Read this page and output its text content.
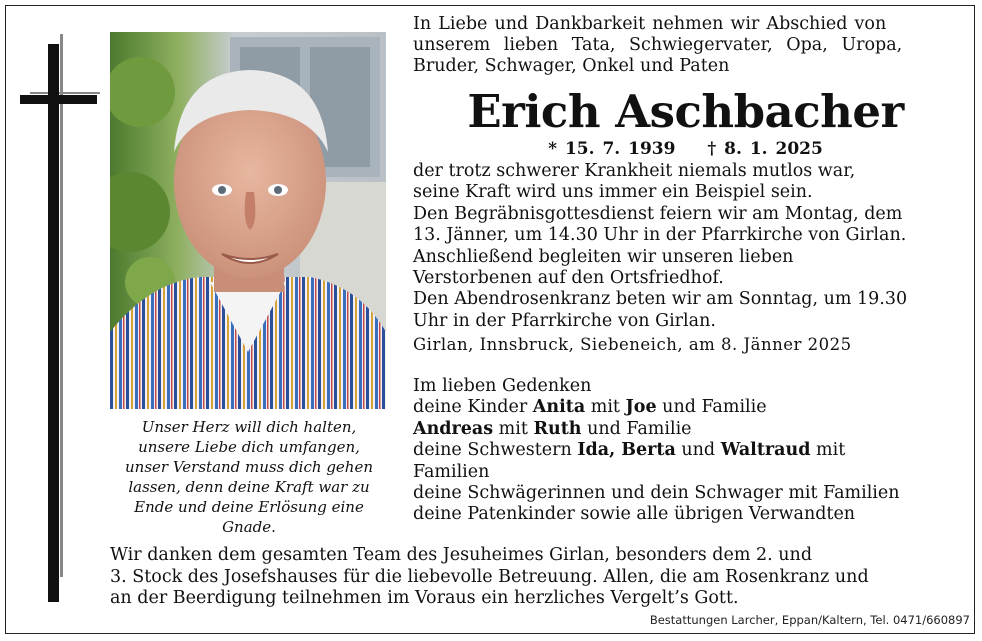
Unser Herz will dich halten,
unsere Liebe dich umfangen,
unser Verstand muss dich gehen
lassen, denn deine Kraft war zu
Ende und deine Erlösung eine
Gnade.
In Liebe und Dankbarkeit nehmen wir Abschied von
unserem lieben Tata, Schwiegervater, Opa, Uropa,
Bruder, Schwager, Onkel und Paten
Erich Aschbacher
* 15. 7. 1939 † 8. 1. 2025
der trotz schwerer Krankheit niemals mutlos war,
seine Kraft wird uns immer ein Beispiel sein.
Den Begräbnisgottesdienst feiern wir am Montag, dem
13. Jänner, um 14.30 Uhr in der Pfarrkirche von Girlan.
Anschließend begleiten wir unseren lieben
Verstorbenen auf den Ortsfriedhof.
Den Abendrosenkranz beten wir am Sonntag, um 19.30
Uhr in der Pfarrkirche von Girlan.
Girlan, Innsbruck, Siebeneich, am 8. Jänner 2025
Im lieben Gedenken
deine Kinder Anita mit Joe und Familie
Andreas mit Ruth und Familie
deine Schwestern Ida, Berta und Waltraud mit
Familien
deine Schwägerinnen und dein Schwager mit Familien
deine Patenkinder sowie alle übrigen Verwandten
Wir danken dem gesamten Team des Jesuheimes Girlan, besonders dem 2. und
3. Stock des Josefshauses für die liebevolle Betreuung. Allen, die am Rosenkranz und
an der Beerdigung teilnehmen im Voraus ein herzliches Vergelt’s Gott.
Bestattungen Larcher, Eppan/Kaltern, Tel. 0471/660897
